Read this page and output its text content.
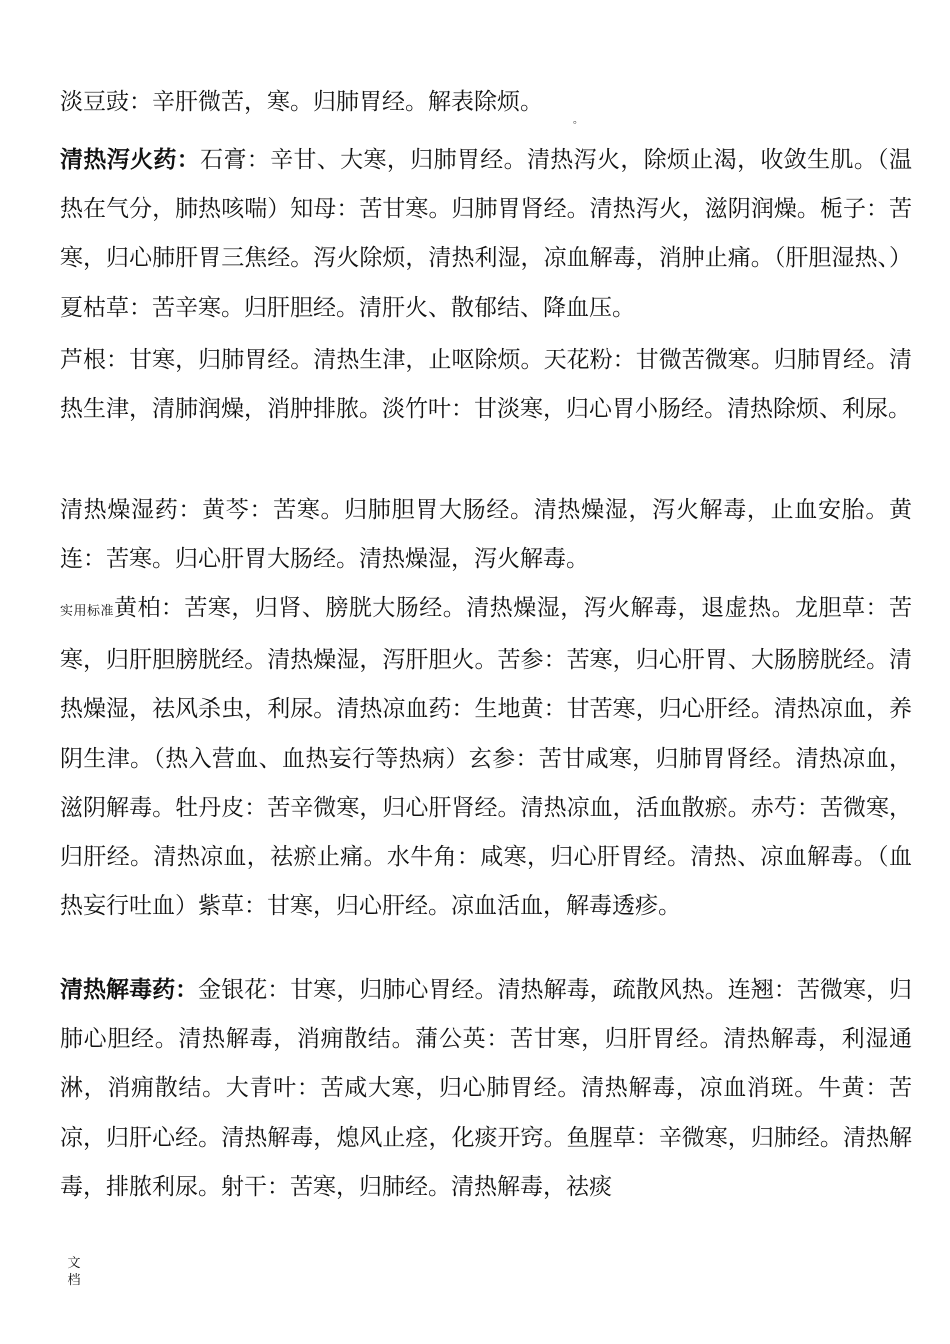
淡豆豉：辛肝微苦，寒。归肺胃经。解表除烦。

。

清热泻火药：石膏：辛甘、大寒，归肺胃经。清热泻火，除烦止渴，收敛生肌。（温热在气分，肺热咳喘）知母：苦甘寒。归肺胃肾经。清热泻火，滋阴润燥。栀子：苦寒，归心肺肝胃三焦经。泻火除烦，清热利湿，凉血解毒，消肿止痛。（肝胆湿热、）夏枯草：苦辛寒。归肝胆经。清肝火、散郁结、降血压。

芦根：甘寒，归肺胃经。清热生津，止呕除烦。天花粉：甘微苦微寒。归肺胃经。清热生津，清肺润燥，消肿排脓。淡竹叶：甘淡寒，归心胃小肠经。清热除烦、利尿。

清热燥湿药：黄芩：苦寒。归肺胆胃大肠经。清热燥湿，泻火解毒，止血安胎。黄连：苦寒。归心肝胃大肠经。清热燥湿，泻火解毒。

实用标准黄柏：苦寒，归肾、膀胱大肠经。清热燥湿，泻火解毒，退虚热。龙胆草：苦寒，归肝胆膀胱经。清热燥湿，泻肝胆火。苦参：苦寒，归心肝胃、大肠膀胱经。清热燥湿，祛风杀虫，利尿。清热凉血药：生地黄：甘苦寒，归心肝经。清热凉血，养阴生津。（热入营血、血热妄行等热病）玄参：苦甘咸寒，归肺胃肾经。清热凉血，滋阴解毒。牡丹皮：苦辛微寒，归心肝肾经。清热凉血，活血散瘀。赤芍：苦微寒，归肝经。清热凉血，祛瘀止痛。水牛角：咸寒，归心肝胃经。清热、凉血解毒。（血热妄行吐血）紫草：甘寒，归心肝经。凉血活血，解毒透疹。

清热解毒药：金银花：甘寒，归肺心胃经。清热解毒，疏散风热。连翘：苦微寒，归肺心胆经。清热解毒，消痈散结。蒲公英：苦甘寒，归肝胃经。清热解毒，利湿通淋，消痈散结。大青叶：苦咸大寒，归心肺胃经。清热解毒，凉血消斑。牛黄：苦凉，归肝心经。清热解毒，熄风止痉，化痰开窍。鱼腥草：辛微寒，归肺经。清热解毒，排脓利尿。射干：苦寒，归肺经。清热解毒，祛痰

文档
